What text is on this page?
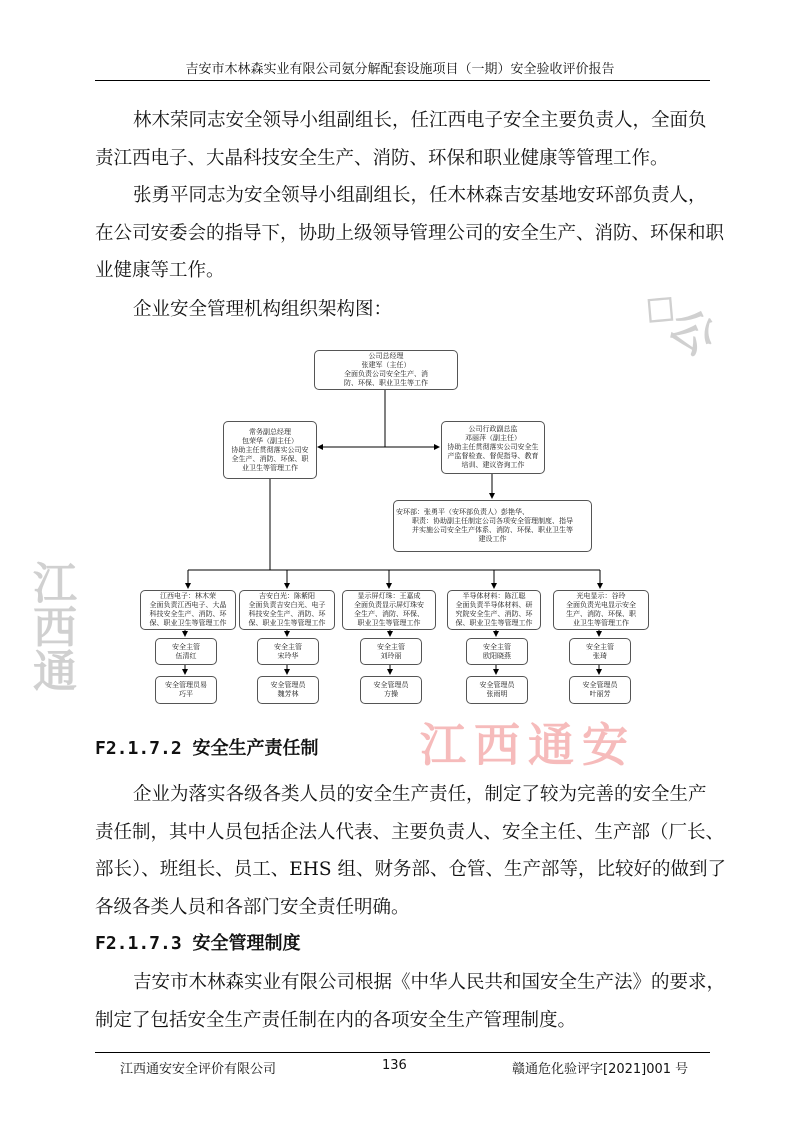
吉安市木林森实业有限公司氨分解配套设施项目（一期）安全验收评价报告
◇公
江西通
林木荣同志安全领导小组副组长，任江西电子安全主要负责人，全面负
责江西电子、大晶科技安全生产、消防、环保和职业健康等管理工作。
张勇平同志为安全领导小组副组长，任木林森吉安基地安环部负责人，
在公司安委会的指导下，协助上级领导管理公司的安全生产、消防、环保和职
业健康等工作。
企业安全管理机构组织架构图：
公司总经理
张建军（主任）
全面负责公司安全生产、消
防、环保、职业卫生等工作
常务副总经理
包荣华（副主任）
协助主任贯彻落实公司安
全生产、消防、环保、职
业卫生等管理工作
公司行政副总监
邓丽萍（副主任）
协助主任贯彻落实公司安全生
产监督检查、督促指导、教育
培训、建议咨询工作
安环部：张勇平（安环部负责人）彭艳华、
职责：协助副主任制定公司各项安全管理制度、指导
并实施公司安全生产体系、消防、环保、职业卫生等
建设工作
江西电子：林木荣
全面负责江西电子、大晶
科技安全生产、消防、环
保、职业卫生等管理工作
安全主管
伍清红
安全管理员易
巧平
吉安白光：陈紫阳
全面负责吉安白光、电子
科技安全生产、消防、环
保、职业卫生等管理工作
安全主管
宋玲华
安全管理员
魏芳林
显示屏灯珠：王嘉成
全面负责显示屏灯珠安
全生产、消防、环保、
职业卫生等管理工作
安全主管
刘玲丽
安全管理员
方操
半导体材料：陈江聪
全面负责半导体材料、研
究院安全生产、消防、环
保、职业卫生等管理工作
安全主管
欧阳晓燕
安全管理员
张雨明
光电显示：谷玲
全面负责光电显示安全
生产、消防、环保、职
业卫生等管理工作
安全主管
张琦
安全管理员
叶丽芳
江西通安
F2.1.7.2 安全生产责任制
企业为落实各级各类人员的安全生产责任，制定了较为完善的安全生产
责任制，其中人员包括企法人代表、主要负责人、安全主任、生产部（厂长、
部长）、班组长、员工、EHS 组、财务部、仓管、生产部等，比较好的做到了
各级各类人员和各部门安全责任明确。
F2.1.7.3 安全管理制度
吉安市木林森实业有限公司根据《中华人民共和国安全生产法》的要求，
制定了包括安全生产责任制在内的各项安全生产管理制度。
江西通安安全评价有限公司	136	赣通危化验评字[2021]001 号
